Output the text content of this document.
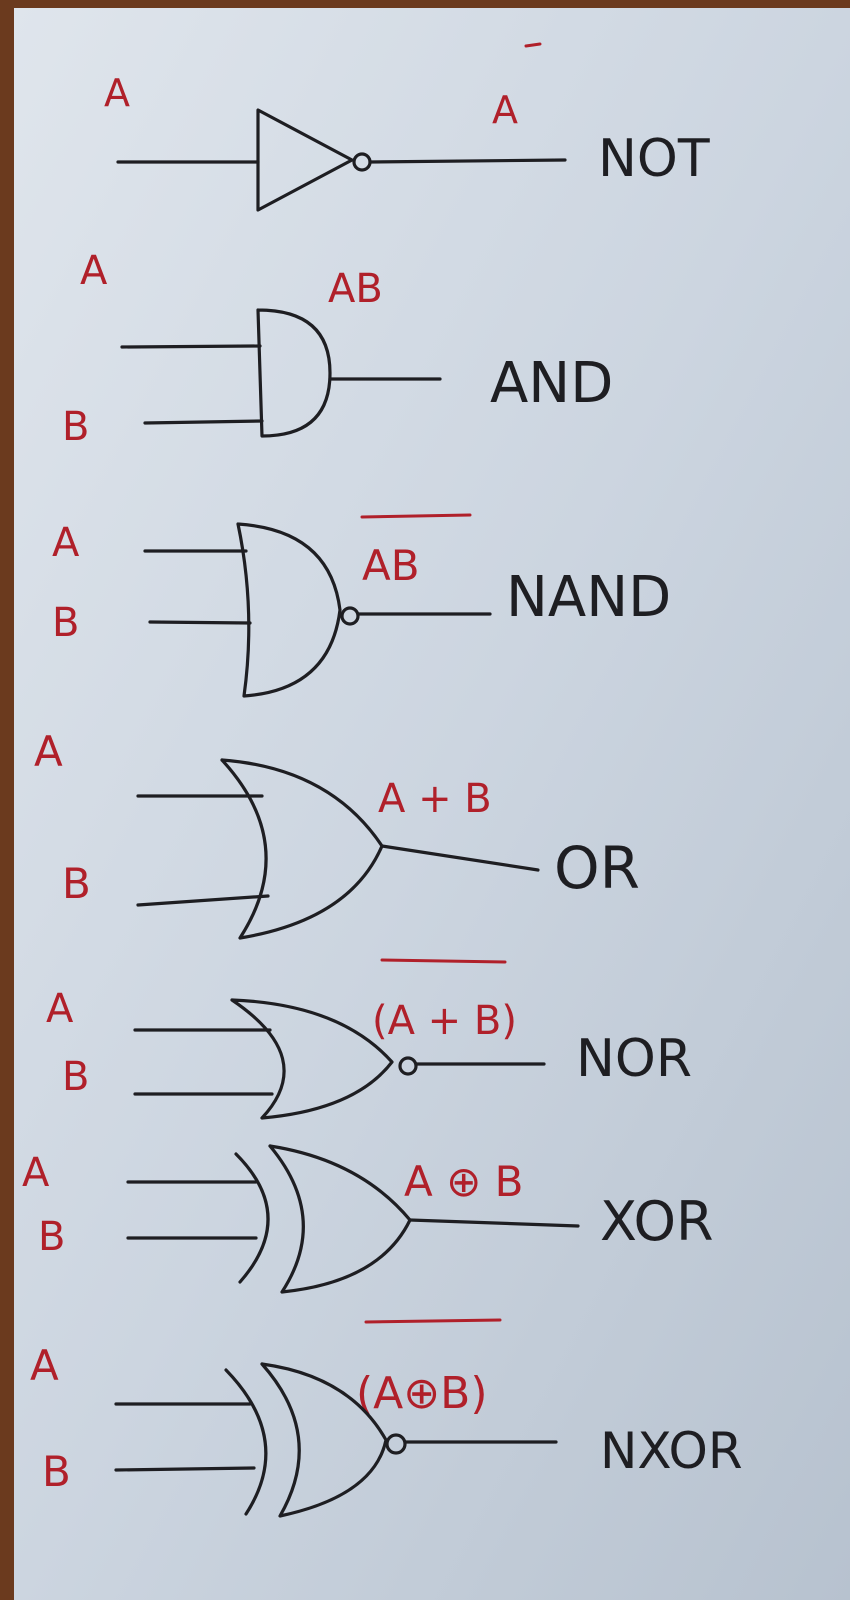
A	A
NOT
A
B
AB
AND
A
B
AB NAND
A
B
A + B
OR
A
B
(A + B)
NOR
A
B
A ⊕ B
XOR
A
B
(A⊕B)
NXOR
